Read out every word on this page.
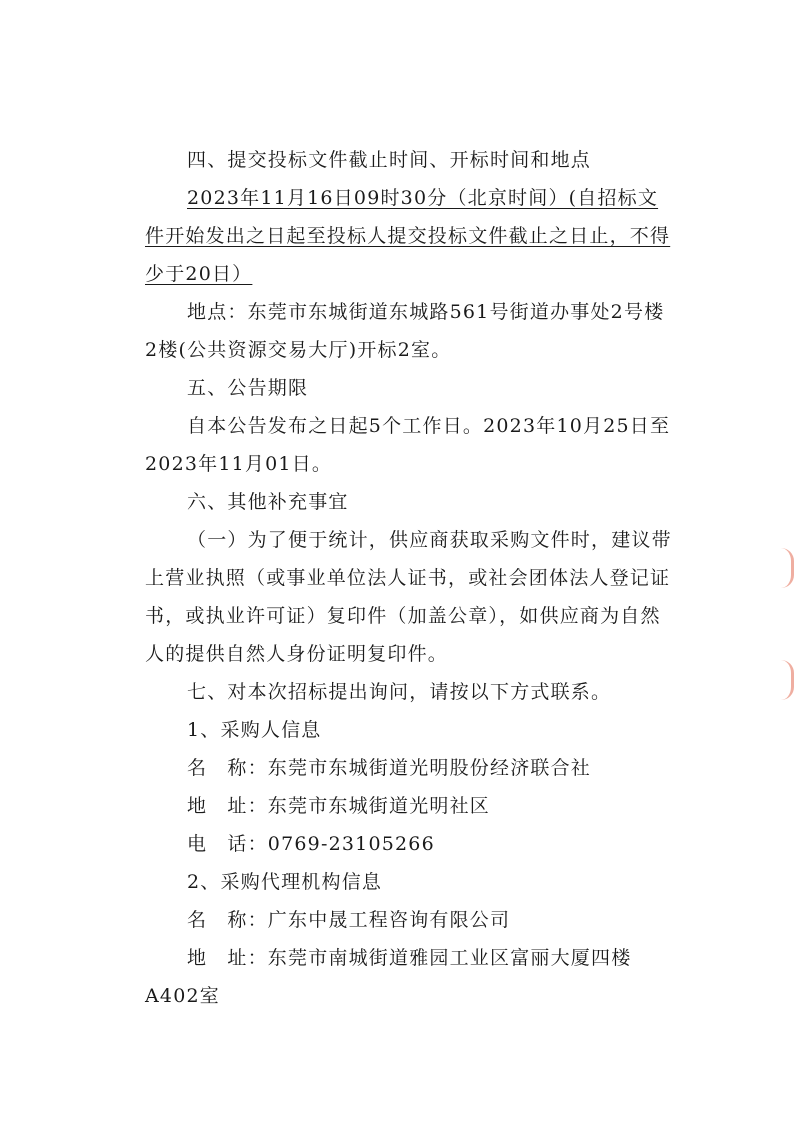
四、提交投标文件截止时间、开标时间和地点

2023年11月16日09时30分（北京时间）(自招标文件开始发出之日起至投标人提交投标文件截止之日止，不得少于20日）

地点：东莞市东城街道东城路561号街道办事处2号楼2楼(公共资源交易大厅)开标2室。

五、公告期限

自本公告发布之日起5个工作日。2023年10月25日至2023年11月01日。

六、其他补充事宜

（一）为了便于统计，供应商获取采购文件时，建议带上营业执照（或事业单位法人证书，或社会团体法人登记证书，或执业许可证）复印件（加盖公章），如供应商为自然人的提供自然人身份证明复印件。

七、对本次招标提出询问，请按以下方式联系。

1、采购人信息

名　称：东莞市东城街道光明股份经济联合社

地　址：东莞市东城街道光明社区

电　话：0769-23105266

2、采购代理机构信息

名　称：广东中晟工程咨询有限公司

地　址：东莞市南城街道雅园工业区富丽大厦四楼A402室
